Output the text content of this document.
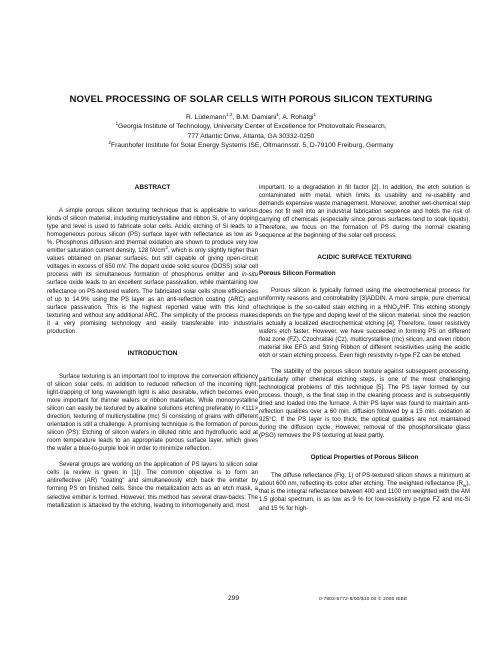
NOVEL PROCESSING OF SOLAR CELLS WITH POROUS SILICON TEXTURING
R. Lüdemann$^{1,2}$, B.M. Damiani$^1$, A. Rohatgi$^1$
$^1$Georgia Institute of Technology, University Center of Excellence for Photovoltaic Research,
777 Atlantic Drive, Atlanta, GA 30332-0250
$^2$Fraunhofer Institute for Solar Energy Systems ISE, Oltmannsstr. 5, D-79100 Freiburg, Germany
ABSTRACT

A simple porous silicon texturing technique that is applicable to various kinds of silicon material, including multicrystalline and ribbon Si, of any doping type and level is used to fabricate solar cells. Acidic etching of Si leads to a homogeneous porous silicon (PS) surface layer with reflectance as low as 9 %. Phosphorus diffusion and thermal oxidation are shown to produce very low emitter saturation current density, 128 $fA/cm^2$, which is only slightly higher than values obtained on planar surfaces, but still capable of giving open-circuit voltages in excess of 650 mV. The dopant oxide solid source (DOSS) solar cell process with its simultaneous formation of phosphorus emitter and in-situ surface oxide leads to an excellent surface passivation, while maintaining low reflectance on PS-textured wafers. The fabricated solar cells show efficiencies of up to 14.9% using the PS layer as an anti-reflection coating (ARC) and surface passivation. This is the highest reported value with this kind of texturing and without any additional ARC. The simplicity of the process makes it a very promising technology and easily transferable into industrial production.

INTRODUCTION

Surface texturing is an important tool to improve the conversion efficiency of silicon solar cells. In addition to reduced reflection of the incoming light, light-trapping of long wavelength light is also desirable, which becomes even more important for thinner wafers or ribbon materials. While monocrystalline silicon can easily be textured by alkaline solutions etching preferably in <111> direction, texturing of multicrystalline (mc) Si consisting of grains with different orientation is still a challenge. A promising technique is the formation of porous silicon (PS): Etching of silicon wafers in diluted nitric and hydrofluoric acid at room temperature leads to an appropriate porous surface layer, which gives the wafer a blue-to-purple look in order to minimize reflection.

Several groups are working on the application of PS layers to silicon solar cells (a review is given in [1]). The common objective is to form an antireflective (AR) "coating" and simultaneously etch back the emitter by forming PS on finished cells. Since the metallization acts as an etch mask, a selective emitter is formed. However, this method has several draw-backs: The metallization is attacked by the etching, leading to inhomogeneity and, most

important, to a degradation in fill factor [2]. In addition, the etch solution is contaminated with metal, which limits its usability and re-usability and demands expensive waste management. Moreover, another wet-chemical step does not fit well into an industrial fabrication sequence and holds the risk of carrying off chemicals (especially since porous surfaces tend to soak liquids). Therefore, we focus on the formation of PS during the normal cleaning sequence at the beginning of the solar cell process.

ACIDIC SURFACE TEXTURING
Porous Silicon Formation

Porous silicon is typically formed using the electrochemical process for uniformity reasons and controllability [3]ADDIN. A more simple, pure chemical technique is the so-called stain etching in a $HNO_3/HF$. This etching strongly depends on the type and doping level of the silicon material, since the reaction is actually a localized electrochemical etching [4]. Therefore, lower resistivity wafers etch faster. However, we have succeeded in forming PS on different float zone (FZ), Czochralski (Cz), multicrystalline (mc) silicon, and even ribbon material like EFG and String Ribbon of different resistivities using the acidic etch or stain etching process. Even high resistivity n-type FZ can be etched.

The stability of the porous silicon texture against subsequent processing, particularly other chemical etching steps, is one of the most challenging technological problems of this technique [5]. The PS layer formed by our process, though, is the final step in the cleaning process and is subsequently dried and loaded into the furnace. A thin PS layer was found to maintain anti-reflection qualities over a 60 min. diffusion followed by a 15 min. oxidation at 925°C. If the PS layer is too thick, the optical qualities are not maintained during the diffusion cycle. However, removal of the phosphorsilicate glass (PSG) removes the PS texturing at least partly.

Optical Properties of Porous Silicon

The diffuse reflectance (Fig. 1) of PS-textured silicon shows a minimum at about 600 nm, reflecting its color after etching. The weighted reflectance $(R_w)$, that is the integral reflectance between 400 and 1100 nm weighted with the AM 1.5 global spectrum, is as low as 9 % for low-resistivity p-type FZ and mc-Si and 15 % for high-

299	0-7803-5772-8/00/$10.00 © 2000 IEEE
